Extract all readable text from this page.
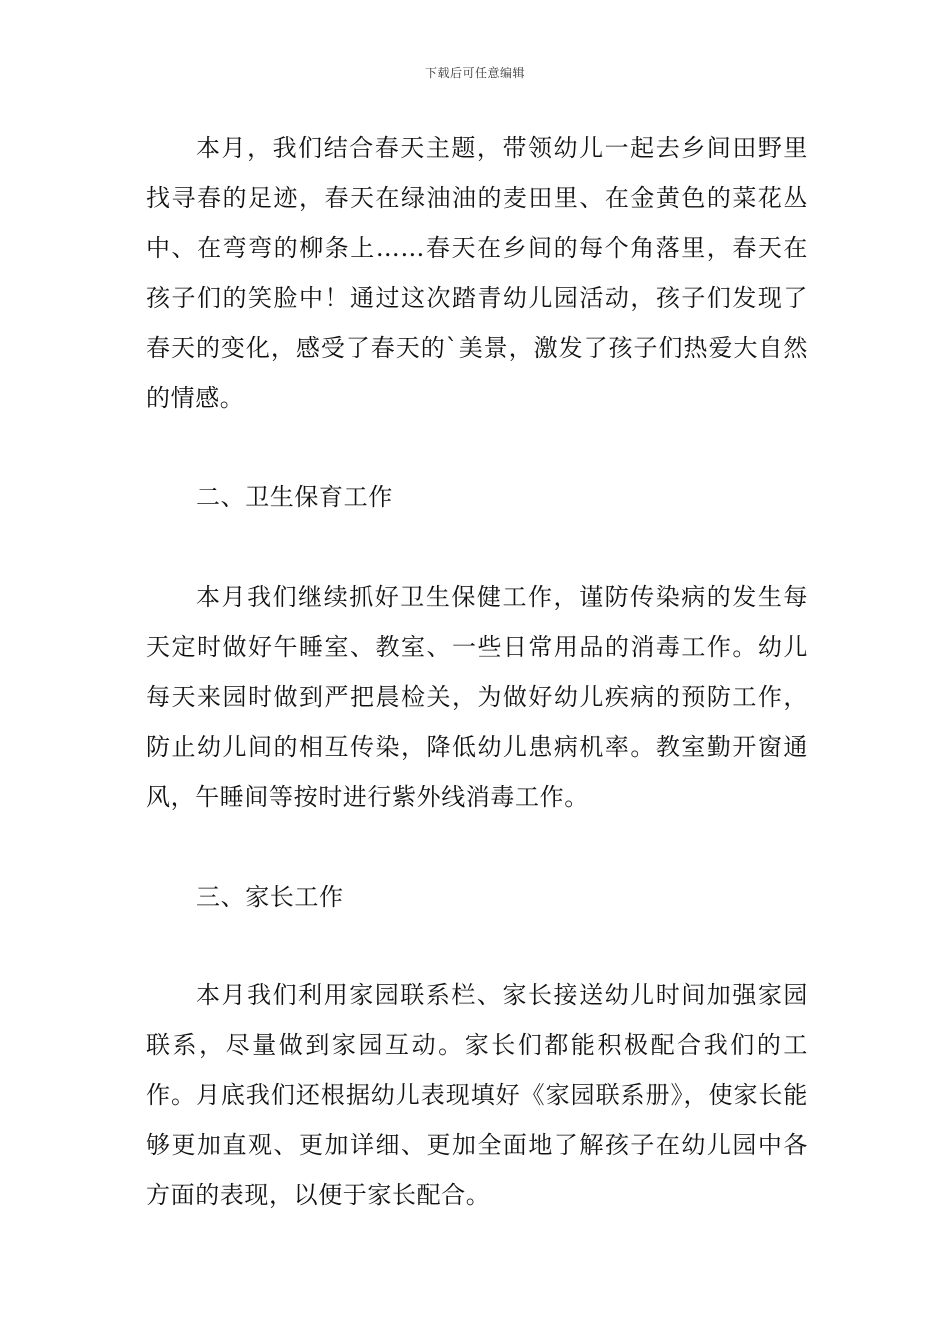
下载后可任意编辑

本月，我们结合春天主题，带领幼儿一起去乡间田野里找寻春的足迹，春天在绿油油的麦田里、在金黄色的菜花丛中、在弯弯的柳条上……春天在乡间的每个角落里，春天在孩子们的笑脸中！通过这次踏青幼儿园活动，孩子们发现了春天的变化，感受了春天的`美景，激发了孩子们热爱大自然的情感。

二、卫生保育工作

本月我们继续抓好卫生保健工作，谨防传染病的发生每天定时做好午睡室、教室、一些日常用品的消毒工作。幼儿每天来园时做到严把晨检关，为做好幼儿疾病的预防工作，防止幼儿间的相互传染，降低幼儿患病机率。教室勤开窗通风，午睡间等按时进行紫外线消毒工作。

三、家长工作

本月我们利用家园联系栏、家长接送幼儿时间加强家园联系，尽量做到家园互动。家长们都能积极配合我们的工作。月底我们还根据幼儿表现填好《家园联系册》，使家长能够更加直观、更加详细、更加全面地了解孩子在幼儿园中各方面的表现，以便于家长配合。
